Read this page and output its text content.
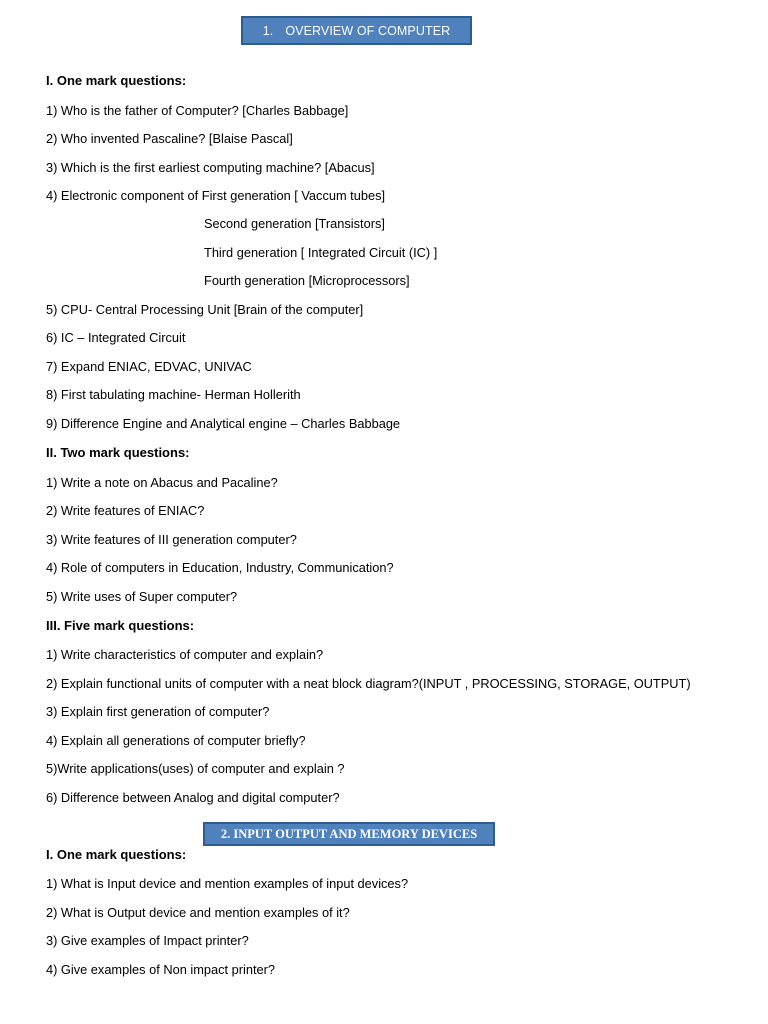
1. OVERVIEW OF COMPUTER
I. One mark questions:
1) Who is the father of Computer? [Charles Babbage]
2) Who invented Pascaline? [Blaise Pascal]
3) Which is the first earliest computing machine? [Abacus]
4) Electronic component of First generation [ Vaccum tubes]
Second generation [Transistors]
Third generation [ Integrated Circuit (IC) ]
Fourth generation [Microprocessors]
5) CPU- Central Processing Unit [Brain of the computer]
6) IC – Integrated Circuit
7) Expand ENIAC, EDVAC, UNIVAC
8) First tabulating machine- Herman Hollerith
9) Difference Engine and Analytical engine – Charles Babbage
II. Two mark questions:
1) Write a note on Abacus and Pacaline?
2) Write features of ENIAC?
3) Write features of III generation computer?
4) Role of computers in Education, Industry, Communication?
5) Write uses of Super computer?
III. Five mark questions:
1) Write characteristics of computer and explain?
2) Explain functional units of computer with a neat block diagram?(INPUT , PROCESSING, STORAGE, OUTPUT)
3) Explain first generation of computer?
4) Explain all generations of computer briefly?
5)Write applications(uses) of computer and explain ?
6) Difference between Analog and digital computer?
2. INPUT OUTPUT AND MEMORY DEVICES
I. One mark questions:
1) What is Input device and mention examples of input devices?
2) What is Output device and mention examples of it?
3) Give examples of Impact printer?
4) Give examples of Non impact printer?
